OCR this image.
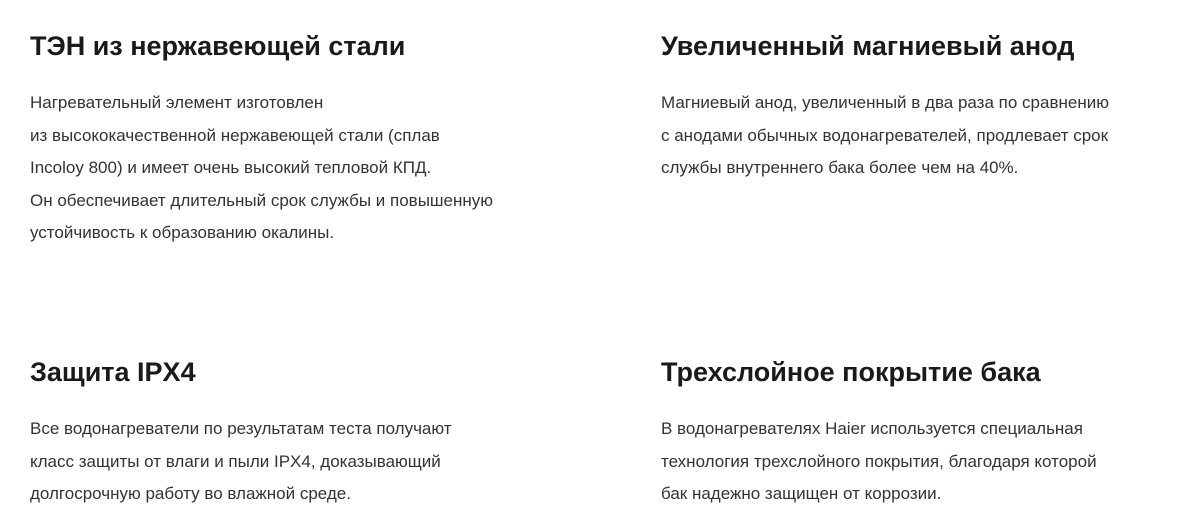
ТЭН из нержавеющей стали
Нагревательный элемент изготовлен
из высококачественной нержавеющей стали (сплав
Incoloy 800) и имеет очень высокий тепловой КПД.
Он обеспечивает длительный срок службы и повышенную
устойчивость к образованию окалины.
Увеличенный магниевый анод
Магниевый анод, увеличенный в два раза по сравнению
с анодами обычных водонагревателей, продлевает срок
службы внутреннего бака более чем на 40%.
Защита IPX4
Все водонагреватели по результатам теста получают
класс защиты от влаги и пыли IPX4, доказывающий
долгосрочную работу во влажной среде.
Трехслойное покрытие бака
В водонагревателях Haier используется специальная
технология трехслойного покрытия, благодаря которой
бак надежно защищен от коррозии.
